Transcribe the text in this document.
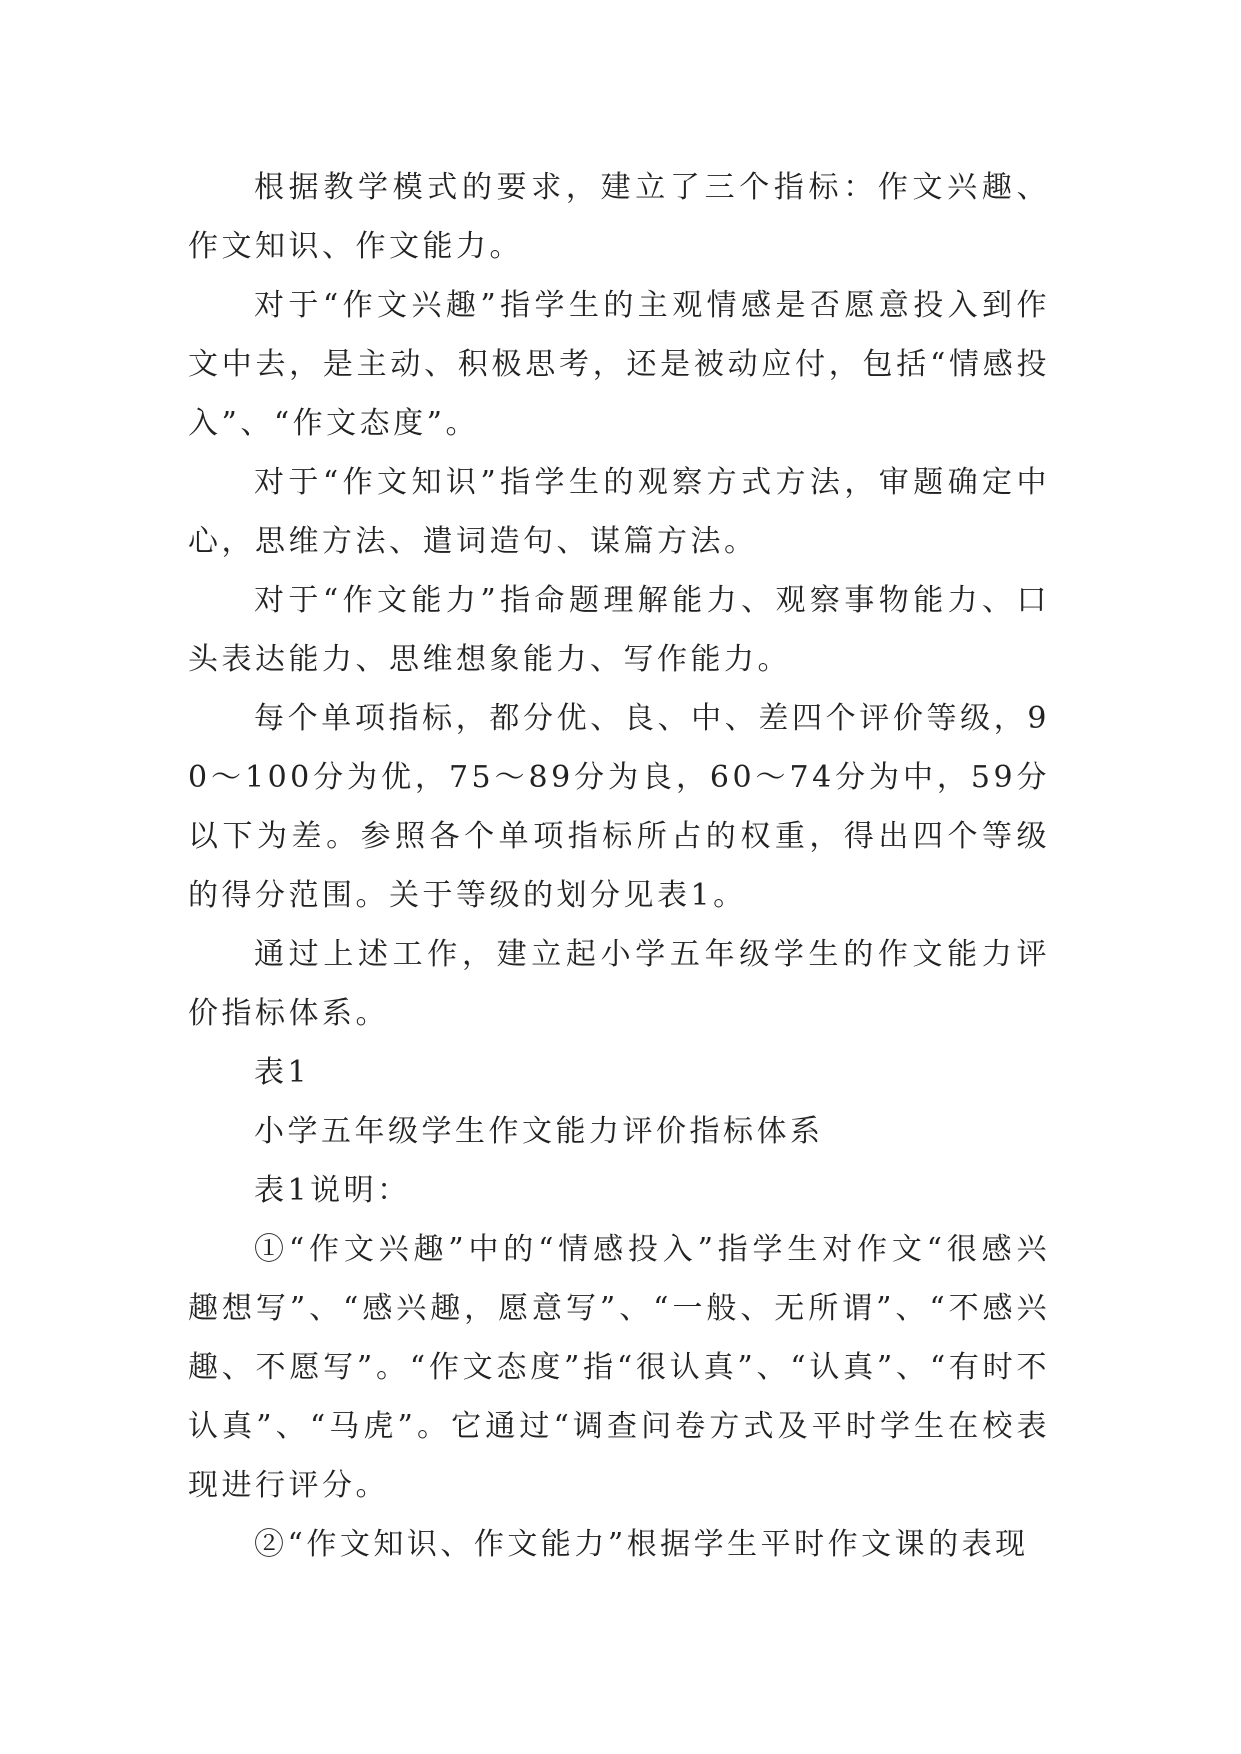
根据教学模式的要求，建立了三个指标：作文兴趣、作文知识、作文能力。

对于“作文兴趣”指学生的主观情感是否愿意投入到作文中去，是主动、积极思考，还是被动应付，包括“情感投入”、“作文态度”。

对于“作文知识”指学生的观察方式方法，审题确定中心，思维方法、遣词造句、谋篇方法。

对于“作文能力”指命题理解能力、观察事物能力、口头表达能力、思维想象能力、写作能力。

每个单项指标，都分优、良、中、差四个评价等级，90～100分为优，75～89分为良，60～74分为中，59分以下为差。参照各个单项指标所占的权重，得出四个等级的得分范围。关于等级的划分见表1。

通过上述工作，建立起小学五年级学生的作文能力评价指标体系。

表1

小学五年级学生作文能力评价指标体系

表1说明：

①“作文兴趣”中的“情感投入”指学生对作文“很感兴趣想写”、“感兴趣，愿意写”、“一般、无所谓”、“不感兴趣、不愿写”。“作文态度”指“很认真”、“认真”、“有时不认真”、“马虎”。它通过“调查问卷方式及平时学生在校表现进行评分。

②“作文知识、作文能力”根据学生平时作文课的表现
